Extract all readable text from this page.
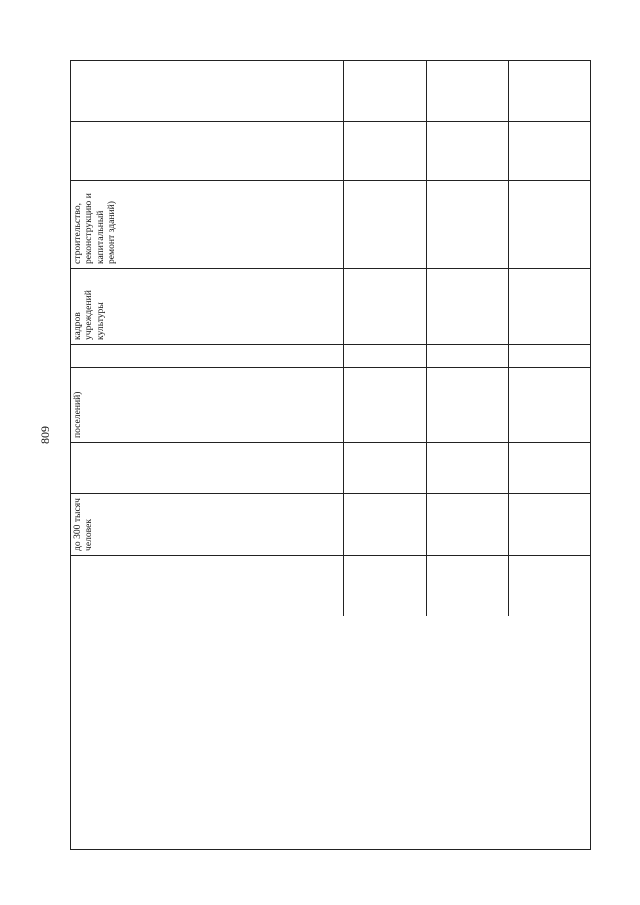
809
строительство, реконструкцию и капитальный ремонт зданий)
кадров учреждений культуры
поселений)
до 300 тысяч человек
